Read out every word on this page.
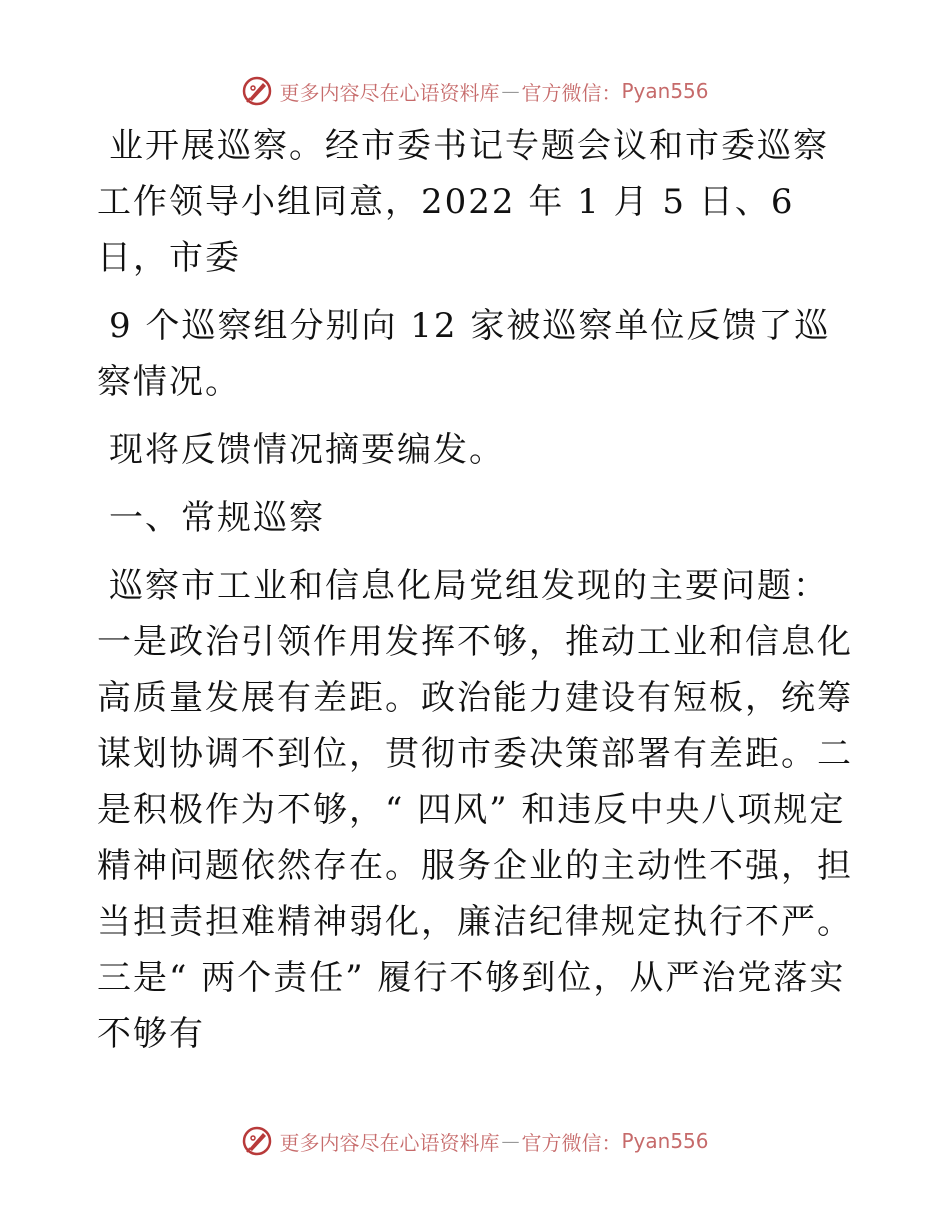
更多内容尽在心语资料库 — 官方微信： Pyan556

业开展巡察。经市委书记专题会议和市委巡察工作领导小组同意，2022 年 1 月 5 日、6 日，市委

9 个巡察组分别向 12 家被巡察单位反馈了巡察情况。

现将反馈情况摘要编发。

一、常规巡察

巡察市工业和信息化局党组发现的主要问题：一是政治引领作用发挥不够，推动工业和信息化高质量发展有差距。政治能力建设有短板，统筹谋划协调不到位，贯彻市委决策部署有差距。二是积极作为不够，“ 四风” 和违反中央八项规定精神问题依然存在。服务企业的主动性不强，担当担责担难精神弱化，廉洁纪律规定执行不严。三是“ 两个责任” 履行不够到位，从严治党落实不够有

更多内容尽在心语资料库 — 官方微信： Pyan556
